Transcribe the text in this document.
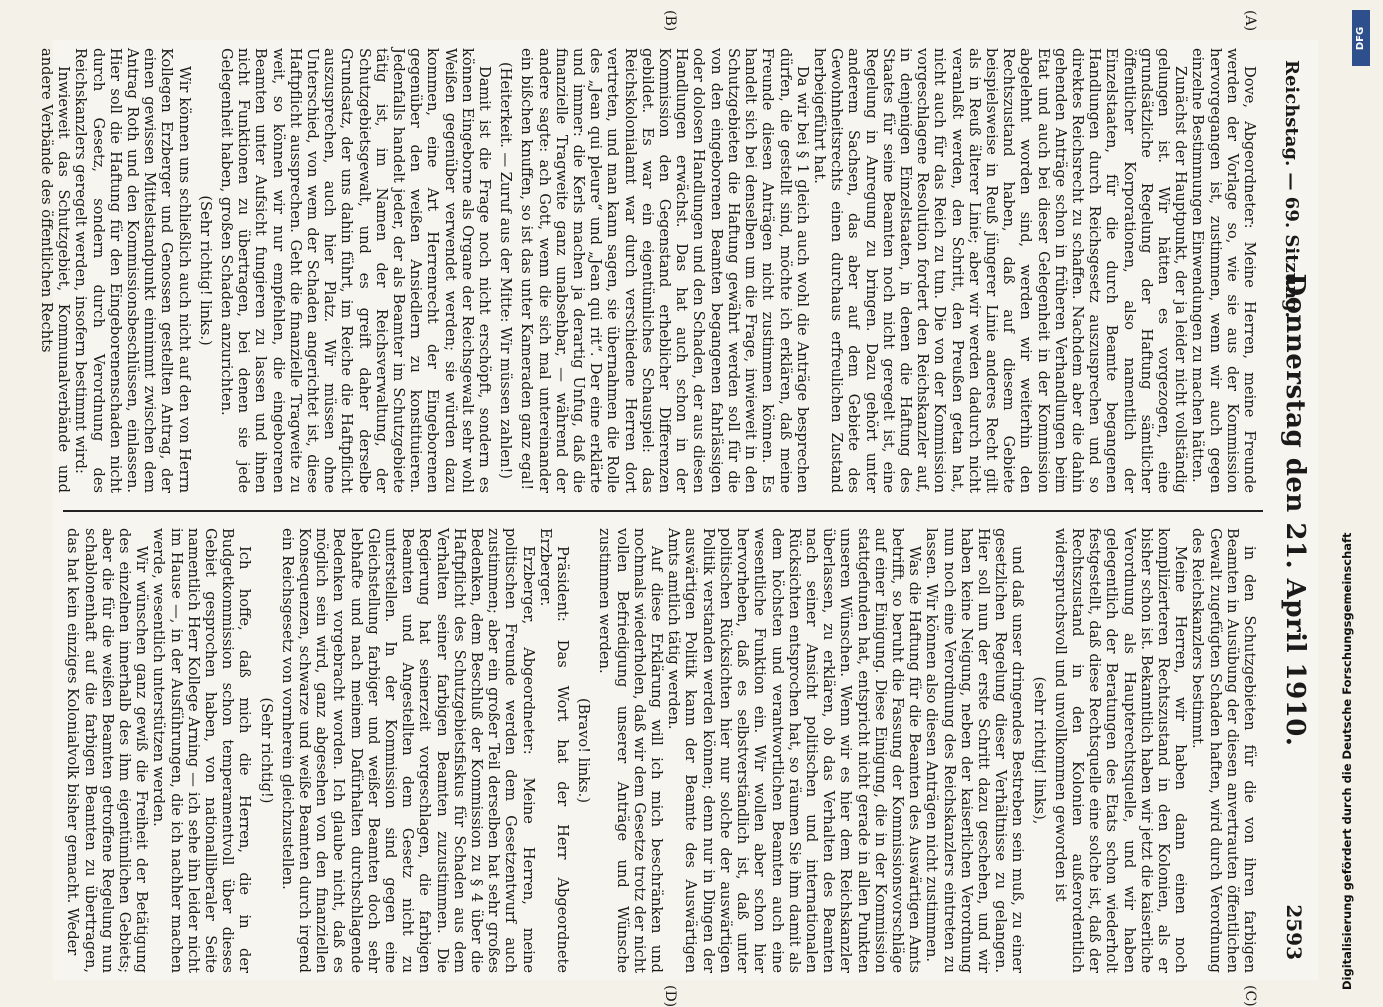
Reichstag. — 69. Sitzung.
Donnerstag den 21. April 1910.
2593

Dove, Abgeordneter: Meine Herren, meine Freunde werden der Vorlage so, wie sie aus der Kommission hervorgegangen ist, zustimmen, wenn wir auch gegen einzelne Bestimmungen Einwendungen zu machen hätten.

Zunächst der Hauptpunkt, der ja leider nicht vollständig gelungen ist. Wir hätten es vorgezogen, eine grundsätzliche Regelung der Haftung sämtlicher öffentlicher Korporationen, also namentlich der Einzelstaaten, für die durch Beamte begangenen Handlungen durch Reichsgesetz auszusprechen und so direktes Reichsrecht zu schaffen. Nachdem aber die dahin gehenden Anträge schon in früheren Verhandlungen beim Etat und auch bei dieser Gelegenheit in der Kommission abgelehnt worden sind, werden wir weiterhin den Rechtszustand haben, daß auf diesem Gebiete beispielsweise in Reuß jüngerer Linie anderes Recht gilt als in Reuß älterer Linie; aber wir werden dadurch nicht veranlaßt werden, den Schritt, den Preußen getan hat, nicht auch für das Reich zu tun. Die von der Kommission vorgeschlagene Resolution fordert den Reichskanzler auf, in denjenigen Einzelstaaten, in denen die Haftung des Staates für seine Beamten noch nicht geregelt ist, eine Regelung in Anregung zu bringen. Dazu gehört unter anderem Sachsen, das aber auf dem Gebiete des Gewohnheitsrechts einen durchaus erfreulichen Zustand herbeigeführt hat.

Da wir bei § 1 gleich auch wohl die Anträge besprechen dürfen, die gestellt sind, möchte ich erklären, daß meine Freunde diesen Anträgen nicht zustimmen können. Es handelt sich bei denselben um die Frage, inwieweit in den Schutzgebieten die Haftung gewährt werden soll für die von den eingeborenen Beamten begangenen fahrlässigen oder dolosen Handlungen und den Schaden, der aus diesen Handlungen erwächst. Das hat auch schon in der Kommission den Gegenstand erheblicher Differenzen gebildet. Es war ein eigentümliches Schauspiel: das Reichskolonialamt war durch verschiedene Herren dort vertreten, und man kann sagen, sie übernahmen die Rolle des „Jean qui pleure“ und „Jean qui rit“. Der eine erklärte und immer: die Kerls machen ja derartig Unfug, daß die finanzielle Tragweite ganz unabsehbar, — während der andere sagte: ach Gott, wenn die sich mal untereinander ein bißchen knuffen, so ist das unter Kameraden ganz egal!

(Heiterkeit. — Zuruf aus der Mitte: Wir müssen zahlen!)

Damit ist die Frage noch nicht erschöpft, sondern es können Eingeborne als Organe der Reichsgewalt sehr wohl Weißen gegenüber verwendet werden; sie würden dazu kommen, eine Art Herrenrecht der Eingeborenen gegenüber den weißen Ansiedlern zu konstituieren. Jedenfalls handelt jeder, der als Beamter im Schutzgebiete tätig ist, im Namen der Reichsverwaltung, der Schutzgebietsgewalt, und es greift daher derselbe Grundsatz, der uns dahin führt, im Reiche die Haftpflicht auszusprechen, auch hier Platz. Wir müssen ohne Unterschied, von wem der Schaden angerichtet ist, diese Haftpflicht aussprechen. Geht die finanzielle Tragweite zu weit, so können wir nur empfehlen, die eingeborenen Beamten unter Aufsicht fungieren zu lassen und ihnen nicht Funktionen zu übertragen, bei denen sie jede Gelegenheit haben, großen Schaden anzurichten.

(Sehr richtig! links.)

Wir können uns schließlich auch nicht auf den von Herrn Kollegen Erzberger und Genossen gestellten Antrag, der einen gewissen Mittelstandpunkt einnimmt zwischen dem Antrag Roth und den Kommissionsbeschlüssen, einlassen. Hier soll die Haftung für den Eingeborenenschaden nicht durch Gesetz, sondern durch Verordnung des Reichskanzlers geregelt werden, insofern bestimmt wird:

Inwieweit das Schutzgebiet, Kommunalverbände und andere Verbände des öffentlichen Rechts

in den Schutzgebieten für die von ihren farbigen Beamten in Ausübung der diesen anvertrauten öffentlichen Gewalt zugefügten Schaden haften, wird durch Verordnung des Reichskanzlers bestimmt.

Meine Herren, wir haben dann einen noch komplizierteren Rechtszustand in den Kolonien, als er bisher schon ist. Bekanntlich haben wir jetzt die kaiserliche Verordnung als Haupterechtsquelle, und wir haben gelegentlich der Beratungen des Etats schon wiederholt festgestellt, daß diese Rechtsquelle eine solche ist, daß der Rechtszustand in den Kolonien außerordentlich widerspruchsvoll und unvollkommen geworden ist

(sehr richtig! links),

und daß unser dringendes Bestreben sein muß, zu einer gesetzlichen Regelung dieser Verhältnisse zu gelangen. Hier soll nun der erste Schritt dazu geschehen, und wir haben keine Neigung, neben der kaiserlichen Verordnung nun noch eine Verordnung des Reichskanzlers eintreten zu lassen. Wir können also diesen Anträgen nicht zustimmen.

Was die Haftung für die Beamten des Auswärtigen Amts betrifft, so beruht die Fassung der Kommissionsvorschläge auf einer Einigung. Diese Einigung, die in der Kommission stattgefunden hat, entspricht nicht gerade in allen Punkten unseren Wünschen. Wenn wir es hier dem Reichskanzler überlassen, zu erklären, ob das Verhalten des Beamten nach seiner Ansicht politischen und internationalen Rücksichten entsprochen hat, so räumen Sie ihm damit als dem höchsten und verantwortlichen Beamten auch eine wesentliche Funktion ein. Wir wollen aber schon hier hervorheben, daß es selbstverständlich ist, daß unter politischen Rücksichten hier nur solche der auswärtigen Politik verstanden werden können; denn nur in Dingen der auswärtigen Politik kann der Beamte des Auswärtigen Amts amtlich tätig werden.

Auf diese Erklärung will ich mich beschränken und nochmals wiederholen, daß wir dem Gesetze trotz der nicht vollen Befriedigung unserer Anträge und Wünsche zustimmen werden.

(Bravo! links.)

Präsident: Das Wort hat der Herr Abgeordnete Erzberger.

Erzberger, Abgeordneter: Meine Herren, meine politischen Freunde werden dem Gesetzentwurf auch zustimmen; aber ein großer Teil derselben hat sehr großes Bedenken, dem Beschluß der Kommission zu § 4 über die Haftpflicht des Schutzgebietsfiskus für Schaden aus dem Verhalten seiner farbigen Beamten zuzustimmen. Die Regierung hat seinerzeit vorgeschlagen, die farbigen Beamten und Angestellten dem Gesetz nicht zu unterstellen. In der Kommission sind gegen eine Gleichstellung farbiger und weißer Beamten doch sehr lebhafte und nach meinem Dafürhalten durchschlagende Bedenken vorgebracht worden. Ich glaube nicht, daß es möglich sein wird, ganz abgesehen von den finanziellen Konsequenzen, schwarze und weiße Beamten durch irgend ein Reichsgesetz von vornherein gleichzustellen.

(Sehr richtig!)

Ich hoffe, daß mich die Herren, die in der Budgetkommission schon temperamentvoll über dieses Gebiet gesprochen haben, von nationalliberaler Seite namentlich Herr Kollege Arning — ich sehe ihn leider nicht im Hause —, in der Ausführungen, die ich nachher machen werde, wesentlich unterstützen werden.

Wir wünschen ganz gewiß die Freiheit der Betätigung des einzelnen innerhalb des ihm eigentümlichen Gebiets; aber die für die weißen Beamten getroffene Regelung nun schablonenhaft auf die farbigen Beamten zu übertragen, das hat kein einziges Kolonialvolk bisher gemacht. Weder

(A)
(B)
(C)
(D)
DFG
Digitalisierung gefördert durch die Deutsche Forschungsgemeinschaft
